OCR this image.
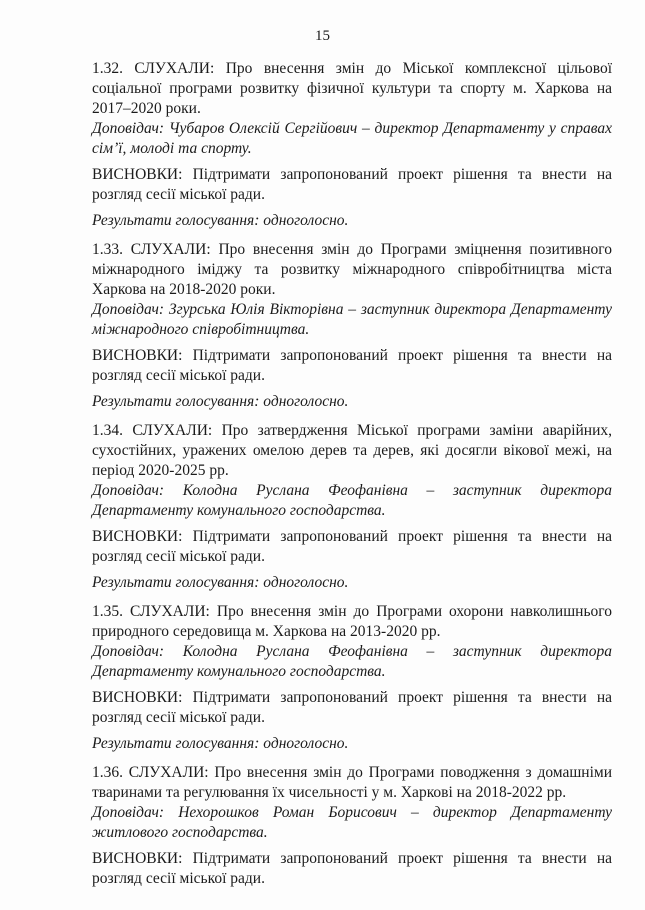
15

1.32. СЛУХАЛИ: Про внесення змін до Міської комплексної цільової соціальної програми розвитку фізичної культури та спорту м. Харкова на 2017–2020 роки.

Доповідач: Чубаров Олексій Сергійович – директор Департаменту у справах сім’ї, молоді та спорту.

ВИСНОВКИ: Підтримати запропонований проект рішення та внести на розгляд сесії міської ради.

Результати голосування: одноголосно.

1.33. СЛУХАЛИ: Про внесення змін до Програми зміцнення позитивного міжнародного іміджу та розвитку міжнародного співробітництва міста Харкова на 2018-2020 роки.

Доповідач: Згурська Юлія Вікторівна – заступник директора Департаменту міжнародного співробітництва.

ВИСНОВКИ: Підтримати запропонований проект рішення та внести на розгляд сесії міської ради.

Результати голосування: одноголосно.

1.34. СЛУХАЛИ: Про затвердження Міської програми заміни аварійних, сухостійних, уражених омелою дерев та дерев, які досягли вікової межі, на період 2020-2025 рр.

Доповідач: Колодна Руслана Феофанівна – заступник директора Департаменту комунального господарства.

ВИСНОВКИ: Підтримати запропонований проект рішення та внести на розгляд сесії міської ради.

Результати голосування: одноголосно.

1.35. СЛУХАЛИ: Про внесення змін до Програми охорони навколишнього природного середовища м. Харкова на 2013-2020 рр.

Доповідач: Колодна Руслана Феофанівна – заступник директора Департаменту комунального господарства.

ВИСНОВКИ: Підтримати запропонований проект рішення та внести на розгляд сесії міської ради.

Результати голосування: одноголосно.

1.36. СЛУХАЛИ: Про внесення змін до Програми поводження з домашніми тваринами та регулювання їх чисельності у м. Харкові на 2018-2022 рр.

Доповідач: Нехорошков Роман Борисович – директор Департаменту житлового господарства.

ВИСНОВКИ: Підтримати запропонований проект рішення та внести на розгляд сесії міської ради.
